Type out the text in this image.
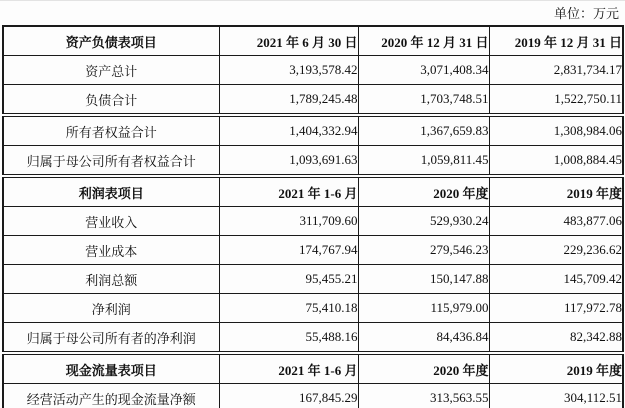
单位：万元
资产负债表项目	2021 年 6 月 30 日	2020 年 12 月 31 日	2019 年 12 月 31 日
资产总计	3,193,578.42	3,071,408.34	2,831,734.17
负债合计	1,789,245.48	1,703,748.51	1,522,750.11
所有者权益合计	1,404,332.94	1,367,659.83	1,308,984.06
归属于母公司所有者权益合计	1,093,691.63	1,059,811.45	1,008,884.45
利润表项目	2021 年 1-6 月	2020 年度	2019 年度
营业收入	311,709.60	529,930.24	483,877.06
营业成本	174,767.94	279,546.23	229,236.62
利润总额	95,455.21	150,147.88	145,709.42
净利润	75,410.18	115,979.00	117,972.78
归属于母公司所有者的净利润	55,488.16	84,436.84	82,342.88
现金流量表项目	2021 年 1-6 月	2020 年度	2019 年度
经营活动产生的现金流量净额	167,845.29	313,563.55	304,112.51
